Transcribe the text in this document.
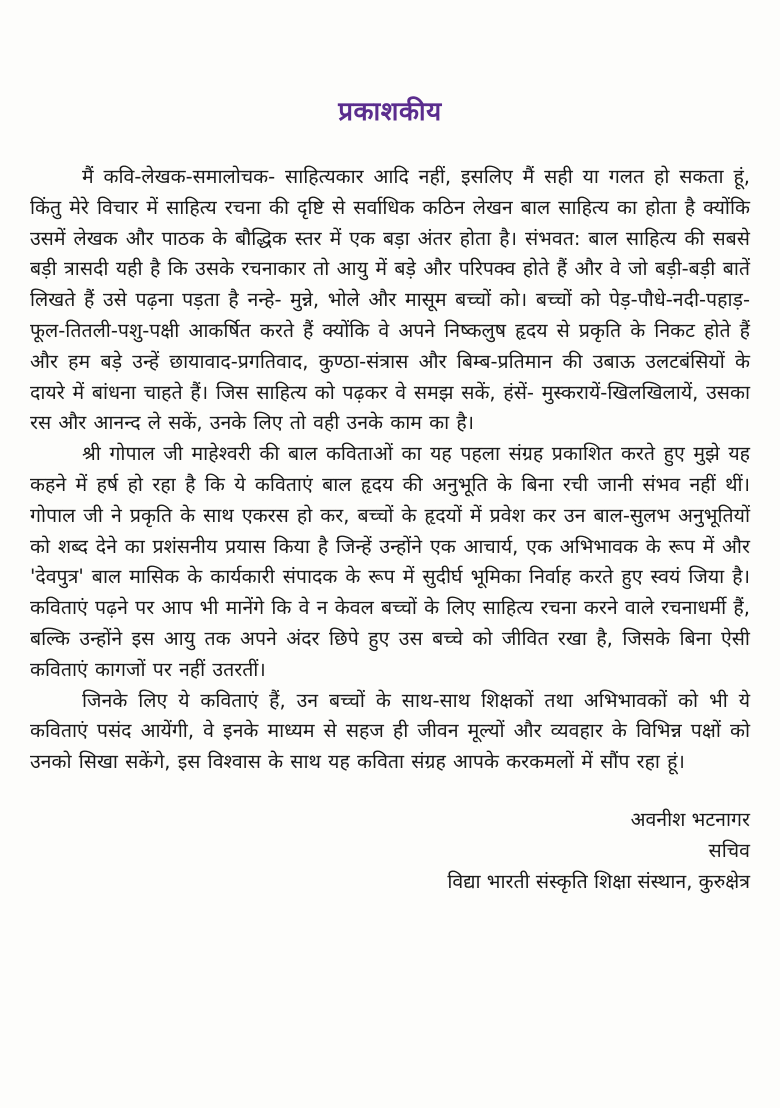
प्रकाशकीय

मैं कवि-लेखक-समालोचक- साहित्यकार आदि नहीं, इसलिए मैं सही या गलत हो सकता हूं, किंतु मेरे विचार में साहित्य रचना की दृष्टि से सर्वाधिक कठिन लेखन बाल साहित्य का होता है क्योंकि उसमें लेखक और पाठक के बौद्धिक स्तर में एक बड़ा अंतर होता है। संभवत: बाल साहित्य की सबसे बड़ी त्रासदी यही है कि उसके रचनाकार तो आयु में बड़े और परिपक्व होते हैं और वे जो बड़ी-बड़ी बातें लिखते हैं उसे पढ़ना पड़ता है नन्हे- मुन्ने, भोले और मासूम बच्चों को। बच्चों को पेड़-पौधे-नदी-पहाड़-फूल-तितली-पशु-पक्षी आकर्षित करते हैं क्योंकि वे अपने निष्कलुष हृदय से प्रकृति के निकट होते हैं और हम बड़े उन्हें छायावाद-प्रगतिवाद, कुण्ठा-संत्रास और बिम्ब-प्रतिमान की उबाऊ उलटबंसियों के दायरे में बांधना चाहते हैं। जिस साहित्य को पढ़कर वे समझ सकें, हंसें- मुस्करायें-खिलखिलायें, उसका रस और आनन्द ले सकें, उनके लिए तो वही उनके काम का है।

श्री गोपाल जी माहेश्वरी की बाल कविताओं का यह पहला संग्रह प्रकाशित करते हुए मुझे यह कहने में हर्ष हो रहा है कि ये कविताएं बाल हृदय की अनुभूति के बिना रची जानी संभव नहीं थीं। गोपाल जी ने प्रकृति के साथ एकरस हो कर, बच्चों के हृदयों में प्रवेश कर उन बाल-सुलभ अनुभूतियों को शब्द देने का प्रशंसनीय प्रयास किया है जिन्हें उन्होंने एक आचार्य, एक अभिभावक के रूप में और 'देवपुत्र' बाल मासिक के कार्यकारी संपादक के रूप में सुदीर्घ भूमिका निर्वाह करते हुए स्वयं जिया है। कविताएं पढ़ने पर आप भी मानेंगे कि वे न केवल बच्चों के लिए साहित्य रचना करने वाले रचनाधर्मी हैं, बल्कि उन्होंने इस आयु तक अपने अंदर छिपे हुए उस बच्चे को जीवित रखा है, जिसके बिना ऐसी कविताएं कागजों पर नहीं उतरतीं।

जिनके लिए ये कविताएं हैं, उन बच्चों के साथ-साथ शिक्षकों तथा अभिभावकों को भी ये कविताएं पसंद आयेंगी, वे इनके माध्यम से सहज ही जीवन मूल्यों और व्यवहार के विभिन्न पक्षों को उनको सिखा सकेंगे, इस विश्वास के साथ यह कविता संग्रह आपके करकमलों में सौंप रहा हूं।

अवनीश भटनागर
सचिव
विद्या भारती संस्कृति शिक्षा संस्थान, कुरुक्षेत्र
